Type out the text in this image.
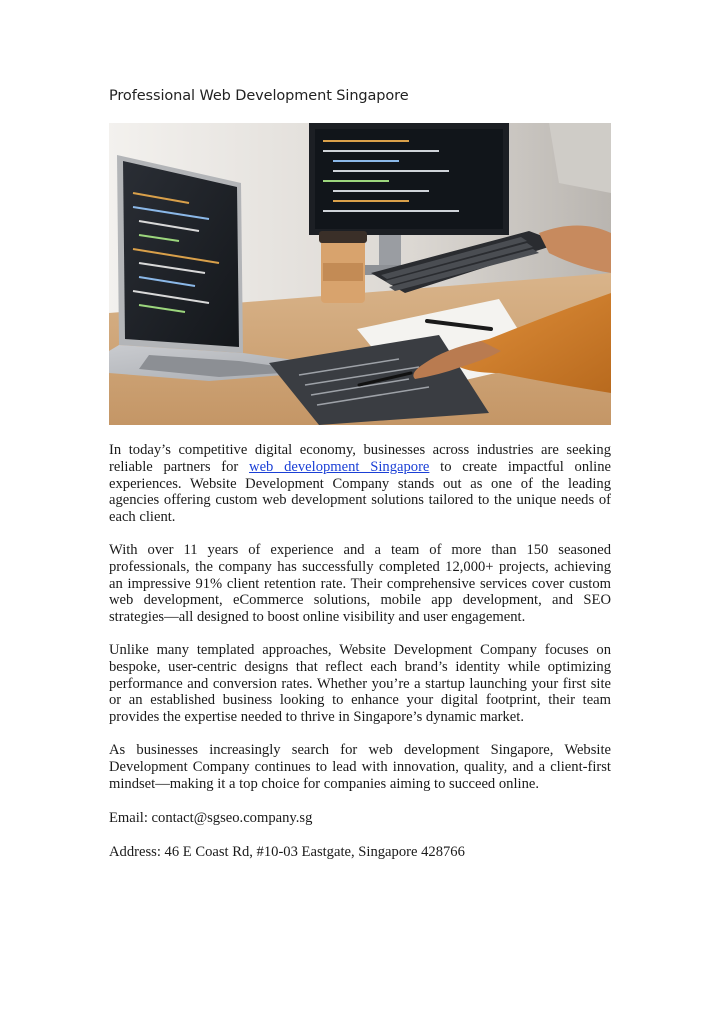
Professional Web Development Singapore

In today’s competitive digital economy, businesses across industries are seeking reliable partners for web development Singapore to create impactful online experiences. Website Development Company stands out as one of the leading agencies offering custom web development solutions tailored to the unique needs of each client.

With over 11 years of experience and a team of more than 150 seasoned professionals, the company has successfully completed 12,000+ projects, achieving an impressive 91% client retention rate. Their comprehensive services cover custom web development, eCommerce solutions, mobile app development, and SEO strategies—all designed to boost online visibility and user engagement.

Unlike many templated approaches, Website Development Company focuses on bespoke, user-centric designs that reflect each brand’s identity while optimizing performance and conversion rates. Whether you’re a startup launching your first site or an established business looking to enhance your digital footprint, their team provides the expertise needed to thrive in Singapore’s dynamic market.

As businesses increasingly search for web development Singapore, Website Development Company continues to lead with innovation, quality, and a client-first mindset—making it a top choice for companies aiming to succeed online.

Email: contact@sgseo.company.sg
Address: 46 E Coast Rd, #10-03 Eastgate, Singapore 428766
